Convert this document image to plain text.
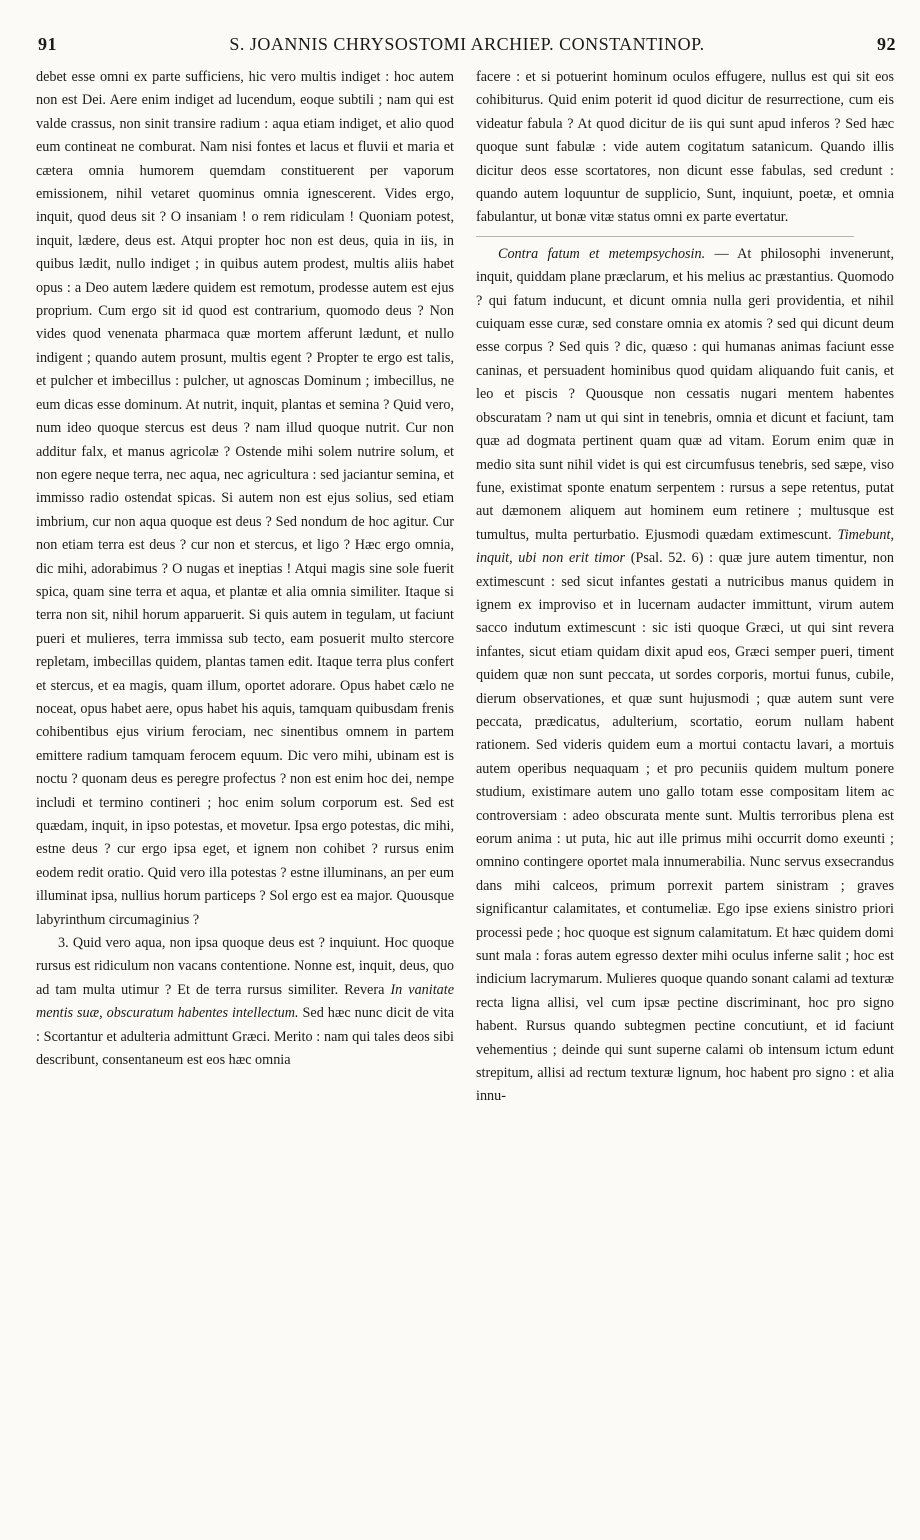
91	S. JOANNIS CHRYSOSTOMI ARCHIEP. CONSTANTINOP.	92

debet esse omni ex parte sufficiens, hic vero multis indiget : hoc autem non est Dei. Aere enim indiget ad lucendum, eoque subtili ; nam qui est valde crassus, non sinit transire radium : aqua etiam indiget, et alio quod eum contineat ne comburat. Nam nisi fontes et lacus et fluvii et maria et cætera omnia humorem quemdam constituerent per vaporum emissionem, nihil vetaret quominus omnia ignescerent. Vides ergo, inquit, quod deus sit ? O insaniam ! o rem ridiculam ! Quoniam potest, inquit, lædere, deus est. Atqui propter hoc non est deus, quia in iis, in quibus lædit, nullo indiget ; in quibus autem prodest, multis aliis habet opus : a Deo autem lædere quidem est remotum, prodesse autem est ejus proprium. Cum ergo sit id quod est contrarium, quomodo deus ? Non vides quod venenata pharmaca quæ mortem afferunt lædunt, et nullo indigent ; quando autem prosunt, multis egent ? Propter te ergo est talis, et pulcher et imbecillus : pulcher, ut agnoscas Dominum ; imbecillus, ne eum dicas esse dominum. At nutrit, inquit, plantas et semina ? Quid vero, num ideo quoque stercus est deus ? nam illud quoque nutrit. Cur non additur falx, et manus agricolæ ? Ostende mihi solem nutrire solum, et non egere neque terra, nec aqua, nec agricultura : sed jaciantur semina, et immisso radio ostendat spicas. Si autem non est ejus solius, sed etiam imbrium, cur non aqua quoque est deus ? Sed nondum de hoc agitur. Cur non etiam terra est deus ? cur non et stercus, et ligo ? Hæc ergo omnia, dic mihi, adorabimus ? O nugas et ineptias ! Atqui magis sine sole fuerit spica, quam sine terra et aqua, et plantæ et alia omnia similiter. Itaque si terra non sit, nihil horum apparuerit. Si quis autem in tegulam, ut faciunt pueri et mulieres, terra immissa sub tecto, eam posuerit multo stercore repletam, imbecillas quidem, plantas tamen edit. Itaque terra plus confert et stercus, et ea magis, quam illum, oportet adorare. Opus habet cælo ne noceat, opus habet aere, opus habet his aquis, tamquam quibusdam frenis cohibentibus ejus virium ferociam, nec sinentibus omnem in partem emittere radium tamquam ferocem equum. Dic vero mihi, ubinam est is noctu ? quonam deus es peregre profectus ? non est enim hoc dei, nempe includi et termino contineri ; hoc enim solum corporum est. Sed est quædam, inquit, in ipso potestas, et movetur. Ipsa ergo potestas, dic mihi, estne deus ? cur ergo ipsa eget, et ignem non cohibet ? rursus enim eodem redit oratio. Quid vero illa potestas ? estne illuminans, an per eum illuminat ipsa, nullius horum particeps ? Sol ergo est ea major. Quousque labyrinthum circumaginius ?

3. Quid vero aqua, non ipsa quoque deus est ? inquiunt. Hoc quoque rursus est ridiculum non vacans contentione. Nonne est, inquit, deus, quo ad tam multa utimur ? Et de terra rursus similiter. Revera In vanitate mentis suæ, obscuratum habentes intellectum. Sed hæc nunc dicit de vita : Scortantur et adulteria admittunt Græci. Merito : nam qui tales deos sibi describunt, consentaneum est eos hæc omnia

facere : et si potuerint hominum oculos effugere, nullus est qui sit eos cohibiturus. Quid enim poterit id quod dicitur de resurrectione, cum eis videatur fabula ? At quod dicitur de iis qui sunt apud inferos ? Sed hæc quoque sunt fabulæ : vide autem cogitatum satanicum. Quando illis dicitur deos esse scortatores, non dicunt esse fabulas, sed credunt : quando autem loquuntur de supplicio, Sunt, inquiunt, poetæ, et omnia fabulantur, ut bonæ vitæ status omni ex parte evertatur.

Contra fatum et metempsychosin. — At philosophi invenerunt, inquit, quiddam plane præclarum, et his melius ac præstantius. Quomodo ? qui fatum inducunt, et dicunt omnia nulla geri providentia, et nihil cuiquam esse curæ, sed constare omnia ex atomis ? sed qui dicunt deum esse corpus ? Sed quis ? dic, quæso : qui humanas animas faciunt esse caninas, et persuadent hominibus quod quidam aliquando fuit canis, et leo et piscis ? Quousque non cessatis nugari mentem habentes obscuratam ? nam ut qui sint in tenebris, omnia et dicunt et faciunt, tam quæ ad dogmata pertinent quam quæ ad vitam. Eorum enim quæ in medio sita sunt nihil videt is qui est circumfusus tenebris, sed sæpe, viso fune, existimat sponte enatum serpentem : rursus a sepe retentus, putat aut dæmonem aliquem aut hominem eum retinere ; multusque est tumultus, multa perturbatio. Ejusmodi quædam extimescunt. Timebunt, inquit, ubi non erit timor (Psal. 52. 6) : quæ jure autem timentur, non extimescunt : sed sicut infantes gestati a nutricibus manus quidem in ignem ex improviso et in lucernam audacter immittunt, virum autem sacco indutum extimescunt : sic isti quoque Græci, ut qui sint revera infantes, sicut etiam quidam dixit apud eos, Græci semper pueri, timent quidem quæ non sunt peccata, ut sordes corporis, mortui funus, cubile, dierum observationes, et quæ sunt hujusmodi ; quæ autem sunt vere peccata, prædicatus, adulterium, scortatio, eorum nullam habent rationem. Sed videris quidem eum a mortui contactu lavari, a mortuis autem operibus nequaquam ; et pro pecuniis quidem multum ponere studium, existimare autem uno gallo totam esse compositam litem ac controversiam : adeo obscurata mente sunt. Multis terroribus plena est eorum anima : ut puta, hic aut ille primus mihi occurrit domo exeunti ; omnino contingere oportet mala innumerabilia. Nunc servus exsecrandus dans mihi calceos, primum porrexit partem sinistram ; graves significantur calamitates, et contumeliæ. Ego ipse exiens sinistro priori processi pede ; hoc quoque est signum calamitatum. Et hæc quidem domi sunt mala : foras autem egresso dexter mihi oculus inferne salit ; hoc est indicium lacrymarum. Mulieres quoque quando sonant calami ad texturæ recta ligna allisi, vel cum ipsæ pectine discriminant, hoc pro signo habent. Rursus quando subtegmen pectine concutiunt, et id faciunt vehementius ; deinde qui sunt superne calami ob intensum ictum edunt strepitum, allisi ad rectum texturæ lignum, hoc habent pro signo : et alia innu-
